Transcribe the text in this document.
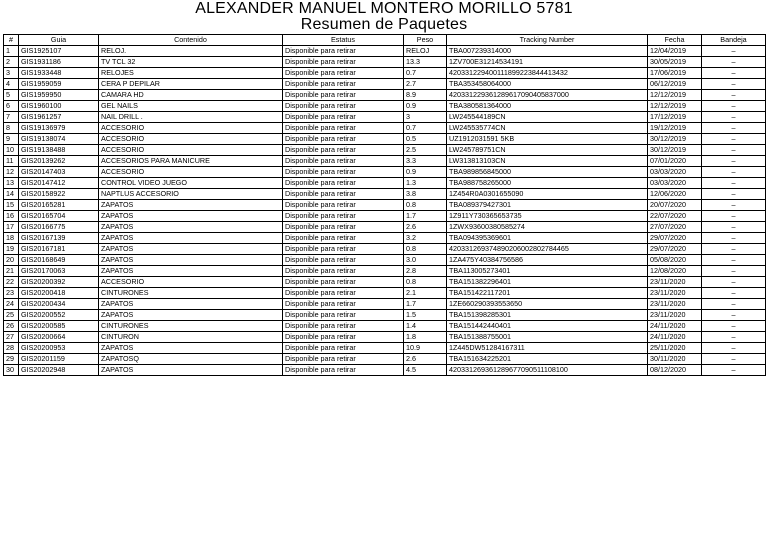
ALEXANDER MANUEL MONTERO MORILLO 5781
Resumen de Paquetes
#	Guia	Contenido	Estatus	Peso	Tracking Number	Fecha	Bandeja
1	GIS1925107	RELOJ.	Disponible para retirar	RELOJ	TBA007239314000	12/04/2019	–
2	GIS1931186	TV TCL 32	Disponible para retirar	13.3	1ZV700E31214534191	30/05/2019	–
3	GIS1933448	RELOJES	Disponible para retirar	0.7	420331229400111899223844413432	17/06/2019	–
4	GIS1959059	CERA P DEPILAR	Disponible para retirar	2.7	TBA353458064000	06/12/2019	–
5	GIS1959950	CAMARA HD	Disponible para retirar	8.9	420331229361289617090405837000	12/12/2019	–
6	GIS1960100	GEL NAILS	Disponible para retirar	0.9	TBA380581364000	12/12/2019	–
7	GIS1961257	NAIL DRILL .	Disponible para retirar	3	LW245544189CN	17/12/2019	–
8	GIS19136979	ACCESORIO	Disponible para retirar	0.7	LW245535774CN	19/12/2019	–
9	GIS19138074	ACCESORIO	Disponible para retirar	0.5	UZ1912031591 5KB	30/12/2019	–
10	GIS19138488	ACCESORIO	Disponible para retirar	2.5	LW245789751CN	30/12/2019	–
11	GIS20139262	ACCESORIOS PARA MANICURE	Disponible para retirar	3.3	LW313813103CN	07/01/2020	–
12	GIS20147403	ACCESORIO	Disponible para retirar	0.9	TBA989856845000	03/03/2020	–
13	GIS20147412	CONTROL VIDEO JUEGO	Disponible para retirar	1.3	TBA988758265000	03/03/2020	–
14	GIS20158922	NAPTLUS ACCESORIO	Disponible para retirar	3.8	1Z454R0A0301655090	12/06/2020	–
15	GIS20165281	ZAPATOS	Disponible para retirar	0.8	TBA089379427301	20/07/2020	–
16	GIS20165704	ZAPATOS	Disponible para retirar	1.7	1Z911Y730365653735	22/07/2020	–
17	GIS20166775	ZAPATOS	Disponible para retirar	2.6	1ZWX93600380585274	27/07/2020	–
18	GIS20167139	ZAPATOS	Disponible para retirar	3.2	TBA094395369601	29/07/2020	–
19	GIS20167181	ZAPATOS	Disponible para retirar	0.8	420331269374890206002802784465	29/07/2020	–
20	GIS20168649	ZAPATOS	Disponible para retirar	3.0	1ZA475Y40384756586	05/08/2020	–
21	GIS20170063	ZAPATOS	Disponible para retirar	2.8	TBA113005273401	12/08/2020	–
22	GIS20200392	ACCESORIO	Disponible para retirar	0.8	TBA151382296401	23/11/2020	–
23	GIS20200418	CINTURONES	Disponible para retirar	2.1	TBA151422117201	23/11/2020	–
24	GIS20200434	ZAPATOS	Disponible para retirar	1.7	1ZE660290393553650	23/11/2020	–
25	GIS20200552	ZAPATOS	Disponible para retirar	1.5	TBA151398285301	23/11/2020	–
26	GIS20200585	CINTURONES	Disponible para retirar	1.4	TBA151442440401	24/11/2020	–
27	GIS20200664	CINTURON	Disponible para retirar	1.8	TBA151388755001	24/11/2020	–
28	GIS20200953	ZAPATOS	Disponible para retirar	10.9	1Z445DW51284167311	25/11/2020	–
29	GIS20201159	ZAPATOSQ	Disponible para retirar	2.6	TBA151634225201	30/11/2020	–
30	GIS20202948	ZAPATOS	Disponible para retirar	4.5	420331269361289677090511108100	08/12/2020	–
